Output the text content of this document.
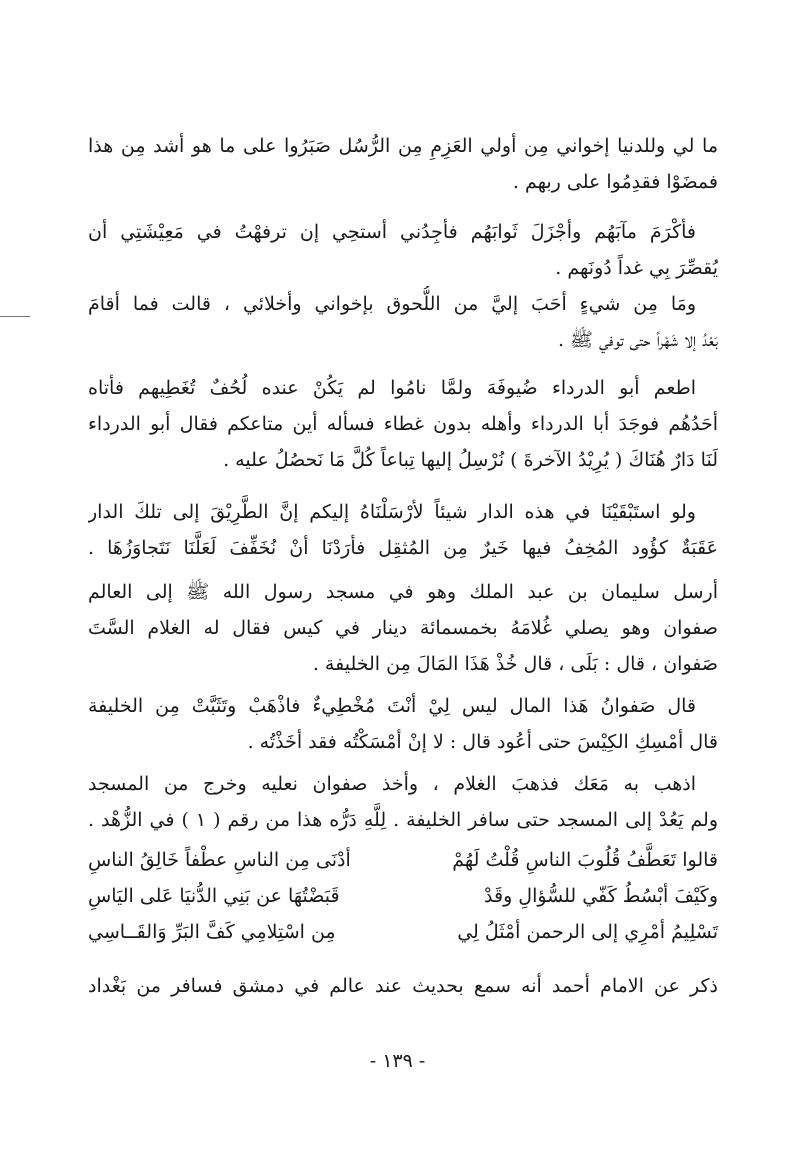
ما لي وللدنيا إخواني مِن أولي العَزِمِ مِن الرُّسُل صَبَرُوا على ما هو أشد مِن هذا
فمضَوْا فقدِمُوا على ربهم .
فأكْرَمَ مآبَهُم وأجْزَلَ ثَوابَهُم فأجِدُني أستحِي إن ترفهْتُ في مَعِيْشَتِي أن
يُقصِّرَ بِي غداً دُونَهم .
ومَا مِن شيءٍ أحَبَ إليَّ من اللُّحوق بإخواني وأخلائي ، قالت فما أقامَ
بَعْدُ إلا شَهْراً حتى توفي ﷺ .
اطعم أبو الدرداء ضُيوفَهَ ولمَّا نامُوا لم يَكُنْ عنده لُحُفٌ تُغَطِيهم فأتاه
أحَدُهُم فوجَدَ أبا الدرداء وأهله بدون غطاء فسأله أين متاعكم فقال أبو الدرداء
لَنَا دَارٌ هُنَاكَ ( يُرِيْدُ الآخرةَ ) نُرْسِلُ إليها تِباعاً كُلَّ مَا نَحصُلُ عليه .
ولو استَبْقَيْنَا في هذه الدار شيئاً لأرْسَلْنَاهُ إليكم إنَّ الطَّرِيْقَ إلى تلكَ الدار
عَقَبَةٌ كؤُود المُخِفُ فيها خَيرٌ مِن المُثقِل فأرَدْنَا أنْ نُخَفِّفَ لَعَلَّنَا نَتَجاوَزُهَا .
أرسل سليمان بن عبد الملك وهو في مسجد رسول الله ﷺ إلى العالم
صفوان وهو يصلي غُلامَهُ بخمسمائة دينار في كيس فقال له الغلام السَّتَ
صَفوان ، قال : بَلَى ، قال خُذْ هَذَا المَالَ مِن الخليفة .
قال صَفوانُ هَذا المال ليس لِيْ أنْتَ مُخْطِيءٌ فاذْهَبْ وتَثَبَّتْ مِن الخليفة
قال أمْسِكِ الكِيْسَ حتى أعُود قال : لا إنْ أمْسَكْتُه فقد أخَذْتُه .
اذهب به مَعَك فذهبَ الغلام ، وأخذ صفوان نعليه وخرج من المسجد
ولم يَعُدْ إلى المسجد حتى سافر الخليفة . لِلَّهِ دَرُّه هذا من رقم ( ١ ) في الزُّهْد .
قالوا تَعَطَّفُ قُلُوبَ الناسِ قُلْتُ لَهُمْ
أدْنَى مِن الناسِ عطْفاً خَالِقُ الناسِ
وكَيْفَ أبْسُطُ كَفّي للسُّؤالِ وقَدْ
قَبَضْتُهَا عن بَنِي الدُّنيَا عَلى اليَاسِ
تَسْلِيمُ أمْرِي إلى الرحمن أمْثَلُ لِي
مِن اسْتِلامِي كَفَّ البَرِّ وَالقَــاسِي
ذكر عن الامام أحمد أنه سمع بحديث عند عالم في دمشق فسافر من بَغْداد
- ١٣٩ -
